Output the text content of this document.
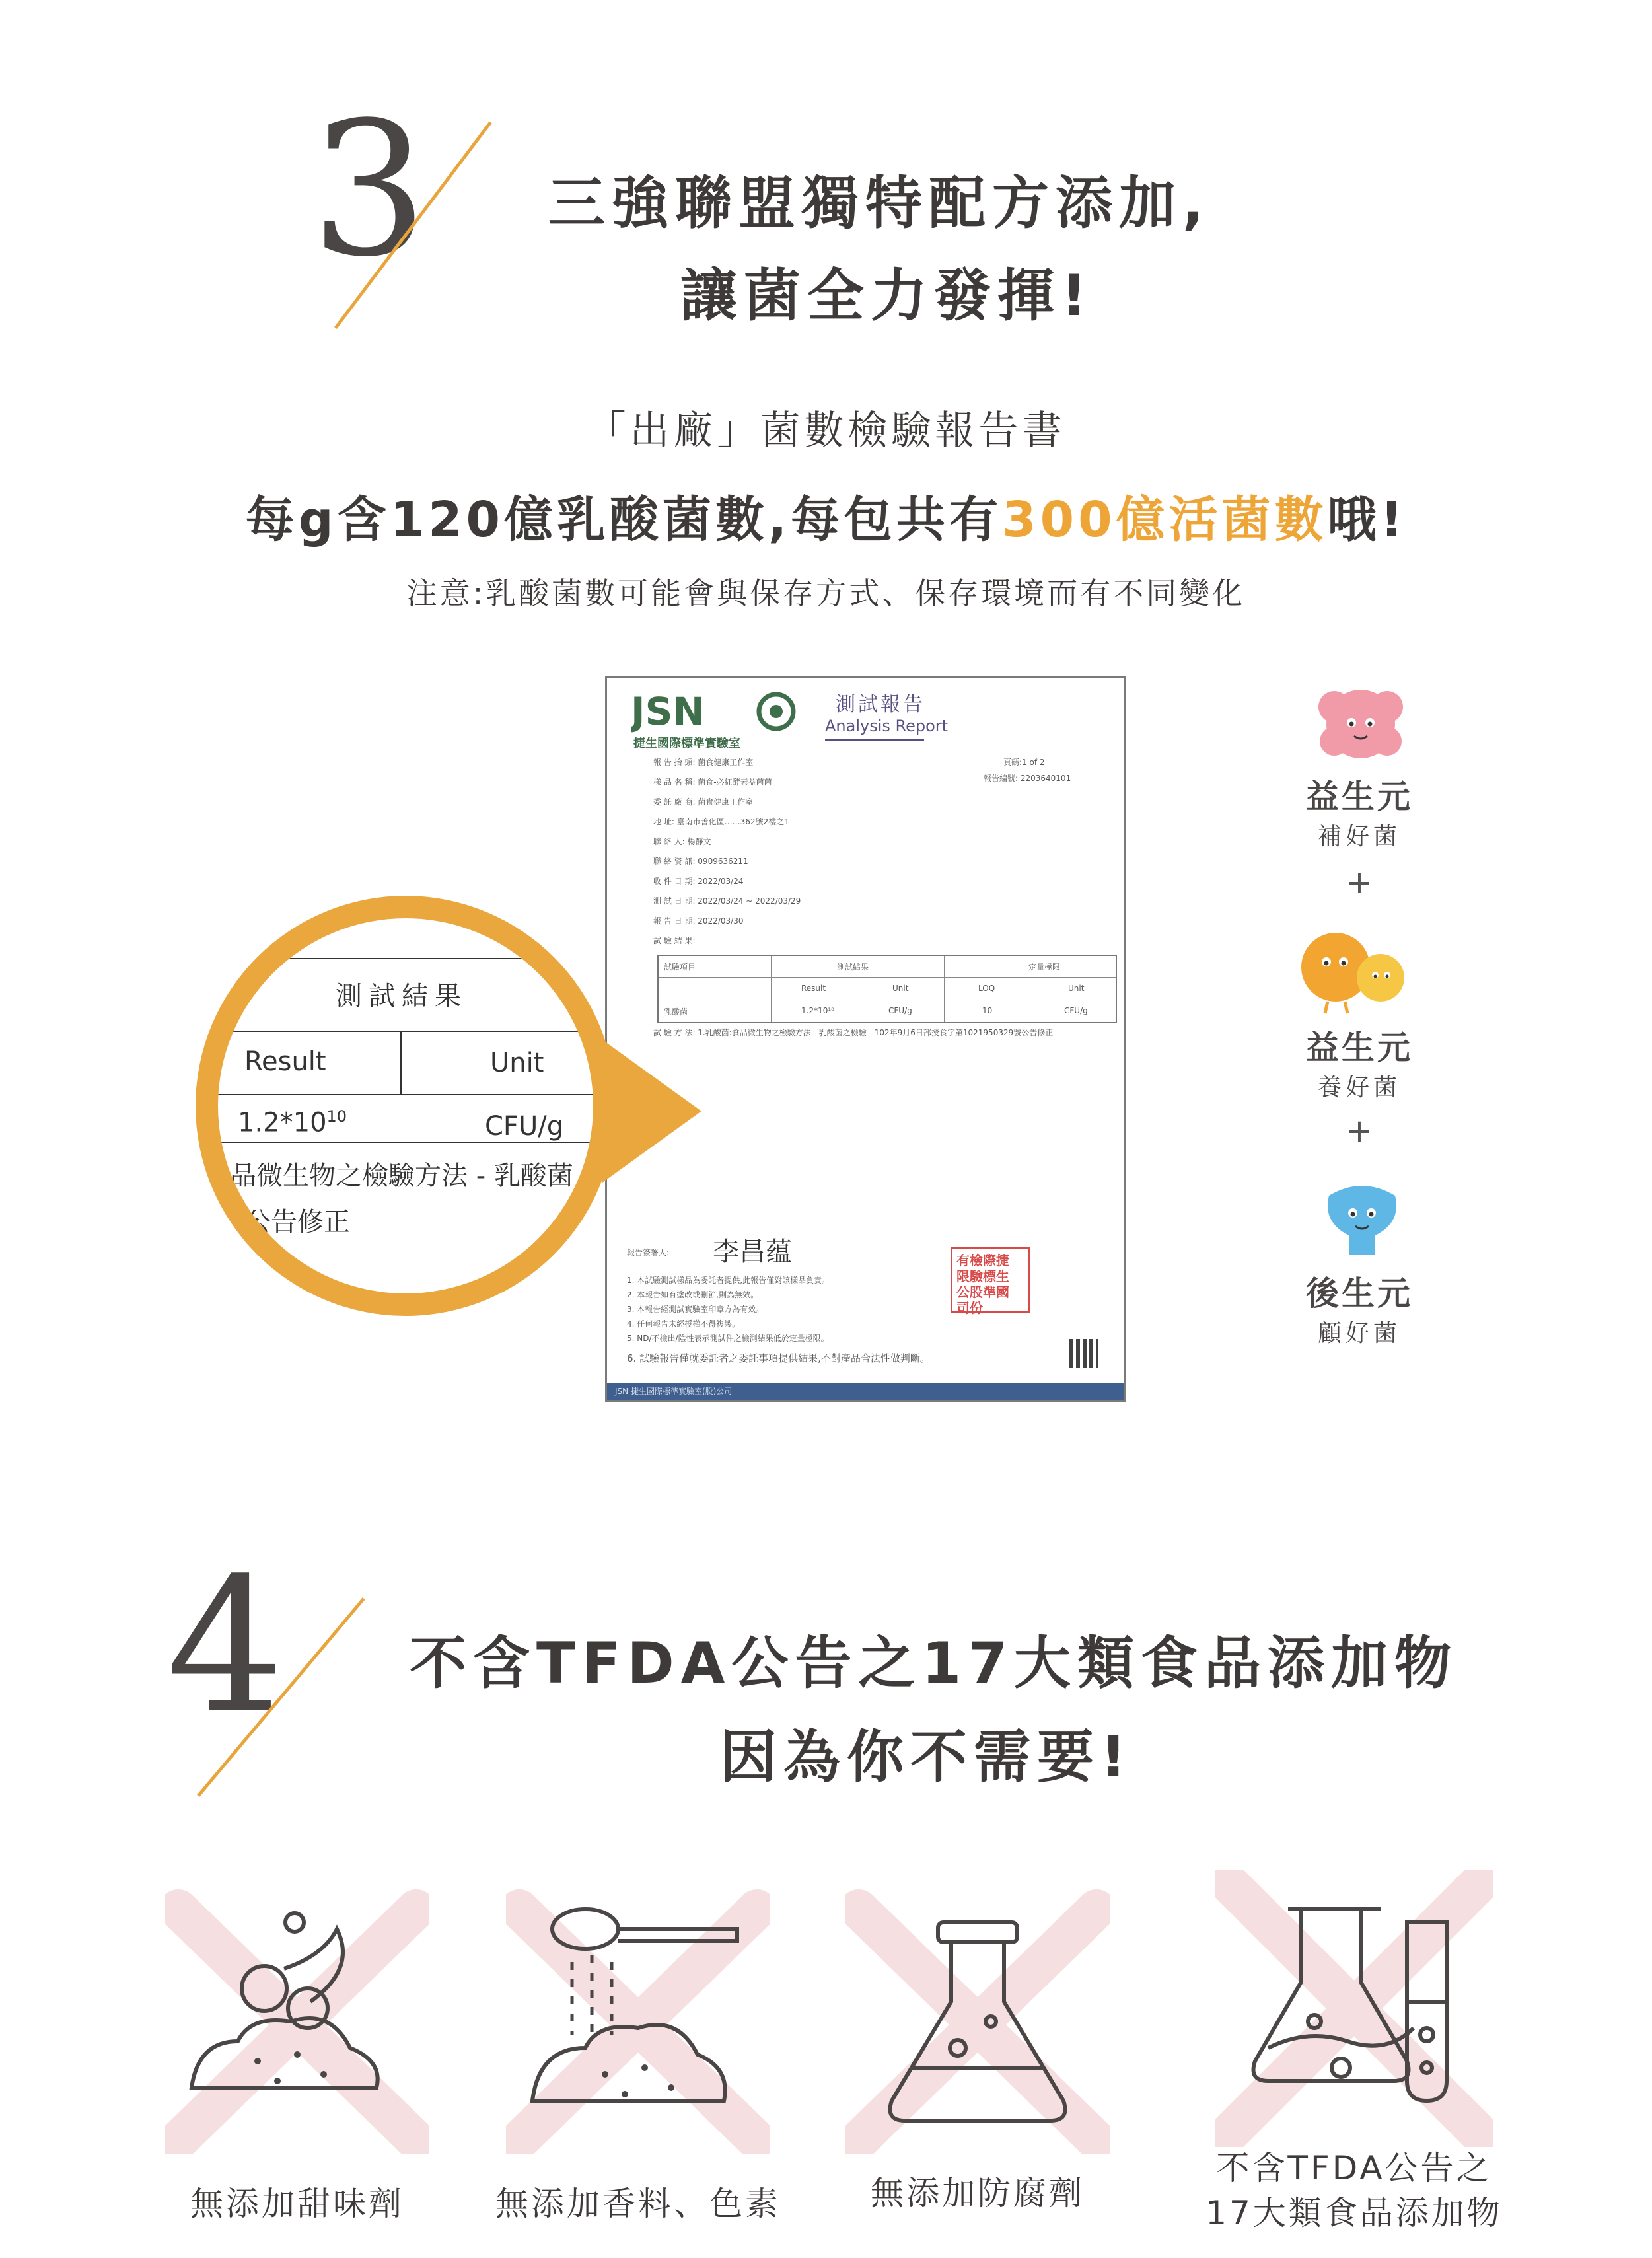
3 三強聯盟獨特配方添加,
讓菌全力發揮!
「出廠」菌數檢驗報告書
每g含120億乳酸菌數,每包共有300億活菌數哦!
注意:乳酸菌數可能會與保存方式、保存環境而有不同變化
JSN
捷生國際標準實驗室
測試報告
Analysis Report
頁碼:1 of 2
報告編號: 2203640101
報 告 抬 頭: 菌食健康工作室
樣 品 名 稱: 菌食-必紅酵素益菌菌
委 託 廠 商: 菌食健康工作室
地 址: 臺南市善化區……362號2樓之1
聯 絡 人: 楊靜文
聯 絡 資 訊: 0909636211
收 件 日 期: 2022/03/24
測 試 日 期: 2022/03/24 ~ 2022/03/29
報 告 日 期: 2022/03/30
試 驗 結 果:
試驗項目	測試結果	定量極限
Result	Unit	LOQ	Unit
乳酸菌	1.2*10¹⁰	CFU/g	10	CFU/g
試 驗 方 法: 1.乳酸菌:食品微生物之檢驗方法 - 乳酸菌之檢驗 - 102年9月6日部授食字第1021950329號公告修正
報告簽署人: 李昌蕴	有檢際捷 限驗標生 公股準國 司份
1. 本試驗測試樣品為委託者提供,此報告僅對該樣品負責。
2. 本報告如有塗改或刪節,則為無效。
3. 本報告經測試實驗室印章方為有效。
4. 任何報告未經授權不得複製。
5. ND/不檢出/陰性表示測試件之檢測結果低於定量極限。
6. 試驗報告僅就委託者之委託事項提供結果,不對產品合法性做判斷。
JSN 捷生國際標準實驗室(股)公司
測試結果
Result	Unit
$1.2*10^{10}$	CFU/g
品微生物之檢驗方法 - 乳酸菌
號公告修正
益生元
補好菌
+
益生元
養好菌
+
後生元
顧好菌
4 不含TFDA公告之17大類食品添加物
因為你不需要!
無添加甜味劑	無添加香料、色素	無添加防腐劑
不含TFDA公告之
17大類食品添加物
